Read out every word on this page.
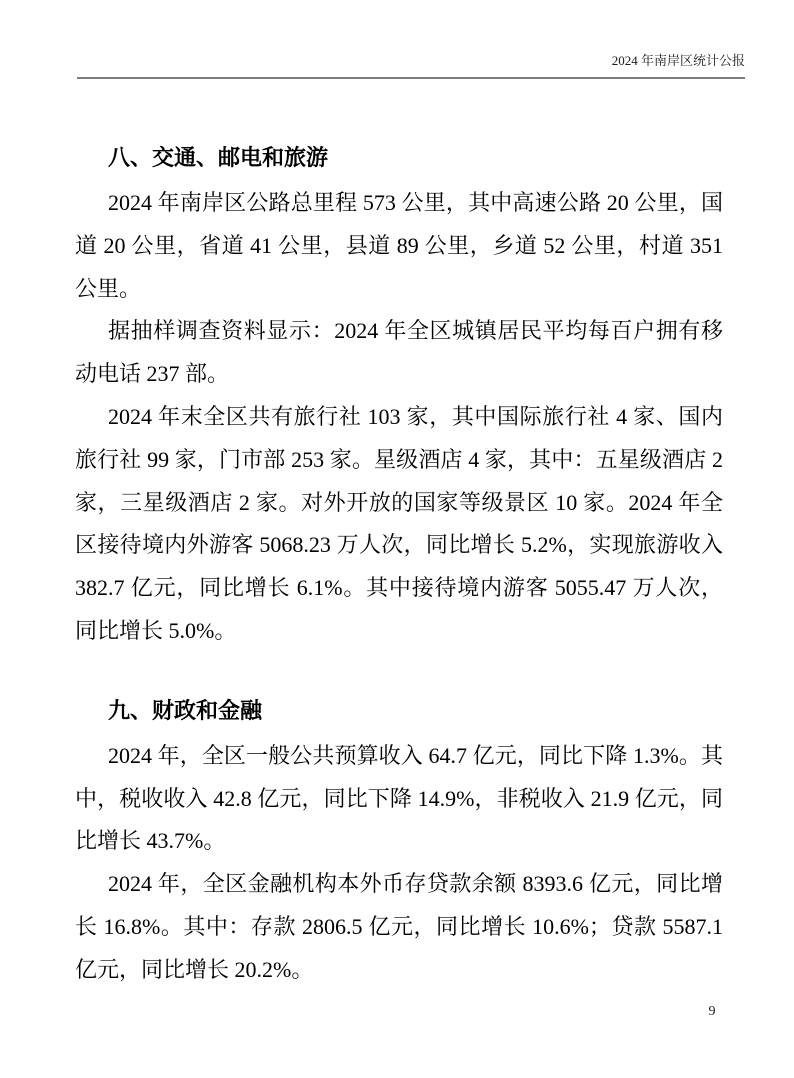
2024 年南岸区统计公报
八、交通、邮电和旅游

2024 年南岸区公路总里程 573 公里，其中高速公路 20 公里，国道 20 公里，省道 41 公里，县道 89 公里，乡道 52 公里，村道 351 公里。

据抽样调查资料显示：2024 年全区城镇居民平均每百户拥有移动电话 237 部。

2024 年末全区共有旅行社 103 家，其中国际旅行社 4 家、国内旅行社 99 家，门市部 253 家。星级酒店 4 家，其中：五星级酒店 2 家，三星级酒店 2 家。对外开放的国家等级景区 10 家。2024 年全区接待境内外游客 5068.23 万人次，同比增长 5.2%，实现旅游收入 382.7 亿元，同比增长 6.1%。其中接待境内游客 5055.47 万人次，同比增长 5.0%。

九、财政和金融

2024 年，全区一般公共预算收入 64.7 亿元，同比下降 1.3%。其中，税收收入 42.8 亿元，同比下降 14.9%，非税收入 21.9 亿元，同比增长 43.7%。

2024 年，全区金融机构本外币存贷款余额 8393.6 亿元，同比增长 16.8%。其中：存款 2806.5 亿元，同比增长 10.6%；贷款 5587.1 亿元，同比增长 20.2%。

9
